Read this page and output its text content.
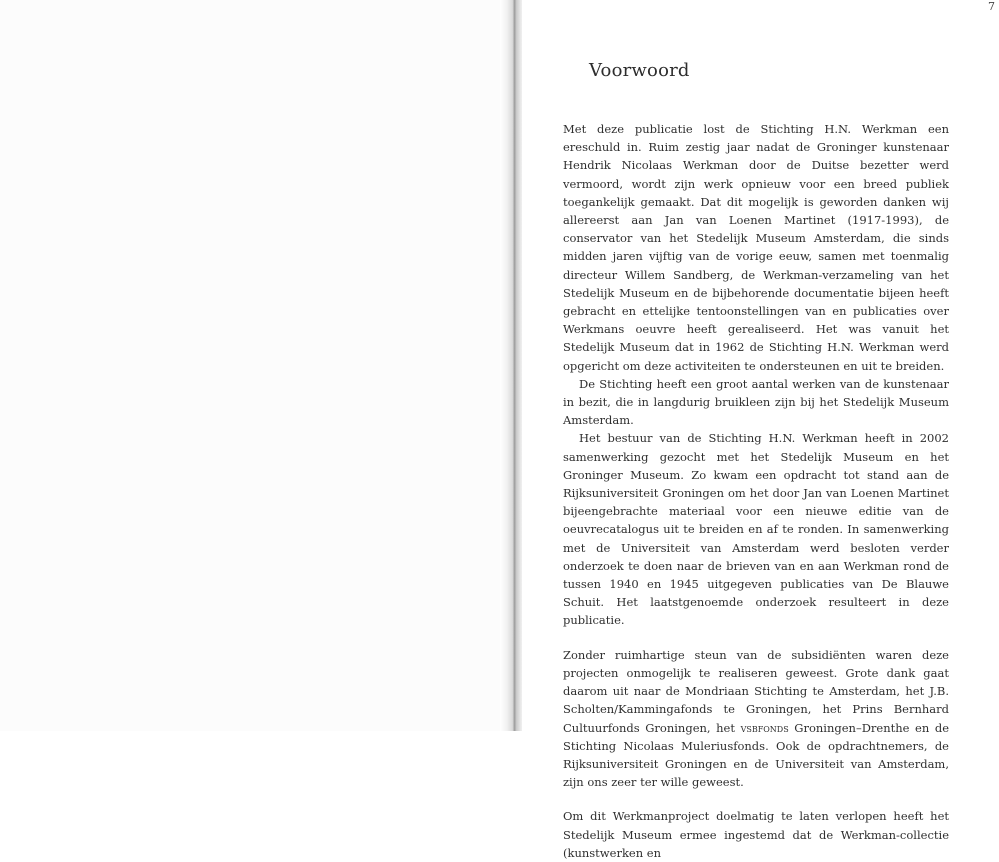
7
Voorwoord

Met deze publicatie lost de Stichting H.N. Werkman een ereschuld in. Ruim zestig jaar nadat de Groninger kunstenaar Hendrik Nicolaas Werkman door de Duitse bezetter werd vermoord, wordt zijn werk opnieuw voor een breed publiek toegankelijk gemaakt. Dat dit mogelijk is geworden danken wij allereerst aan Jan van Loenen Martinet (1917-1993), de conservator van het Stedelijk Museum Amsterdam, die sinds midden jaren vijftig van de vorige eeuw, samen met toenmalig directeur Willem Sandberg, de Werkman-verzameling van het Stedelijk Museum en de bijbehorende documentatie bijeen heeft gebracht en ettelijke tentoonstellingen van en publicaties over Werkmans oeuvre heeft gerealiseerd. Het was vanuit het Stedelijk Museum dat in 1962 de Stichting H.N. Werkman werd opgericht om deze activiteiten te ondersteunen en uit te breiden.

De Stichting heeft een groot aantal werken van de kunstenaar in bezit, die in langdurig bruikleen zijn bij het Stedelijk Museum Amsterdam.

Het bestuur van de Stichting H.N. Werkman heeft in 2002 samenwerking gezocht met het Stedelijk Museum en het Groninger Museum. Zo kwam een opdracht tot stand aan de Rijksuniversiteit Groningen om het door Jan van Loenen Martinet bijeengebrachte materiaal voor een nieuwe editie van de oeuvrecatalogus uit te breiden en af te ronden. In samenwerking met de Universiteit van Amsterdam werd besloten verder onderzoek te doen naar de brieven van en aan Werkman rond de tussen 1940 en 1945 uitgegeven publicaties van De Blauwe Schuit. Het laatstgenoemde onderzoek resulteert in deze publicatie.

Zonder ruimhartige steun van de subsidiënten waren deze projecten onmogelijk te realiseren geweest. Grote dank gaat daarom uit naar de Mondriaan Stichting te Amsterdam, het J.B. Scholten/Kammingafonds te Groningen, het Prins Bernhard Cultuurfonds Groningen, het vsbfonds Groningen–Drenthe en de Stichting Nicolaas Muleriusfonds. Ook de opdrachtnemers, de Rijksuniversiteit Groningen en de Universiteit van Amsterdam, zijn ons zeer ter wille geweest.

Om dit Werkmanproject doelmatig te laten verlopen heeft het Stedelijk Museum ermee ingestemd dat de Werkman-collectie (kunstwerken en
